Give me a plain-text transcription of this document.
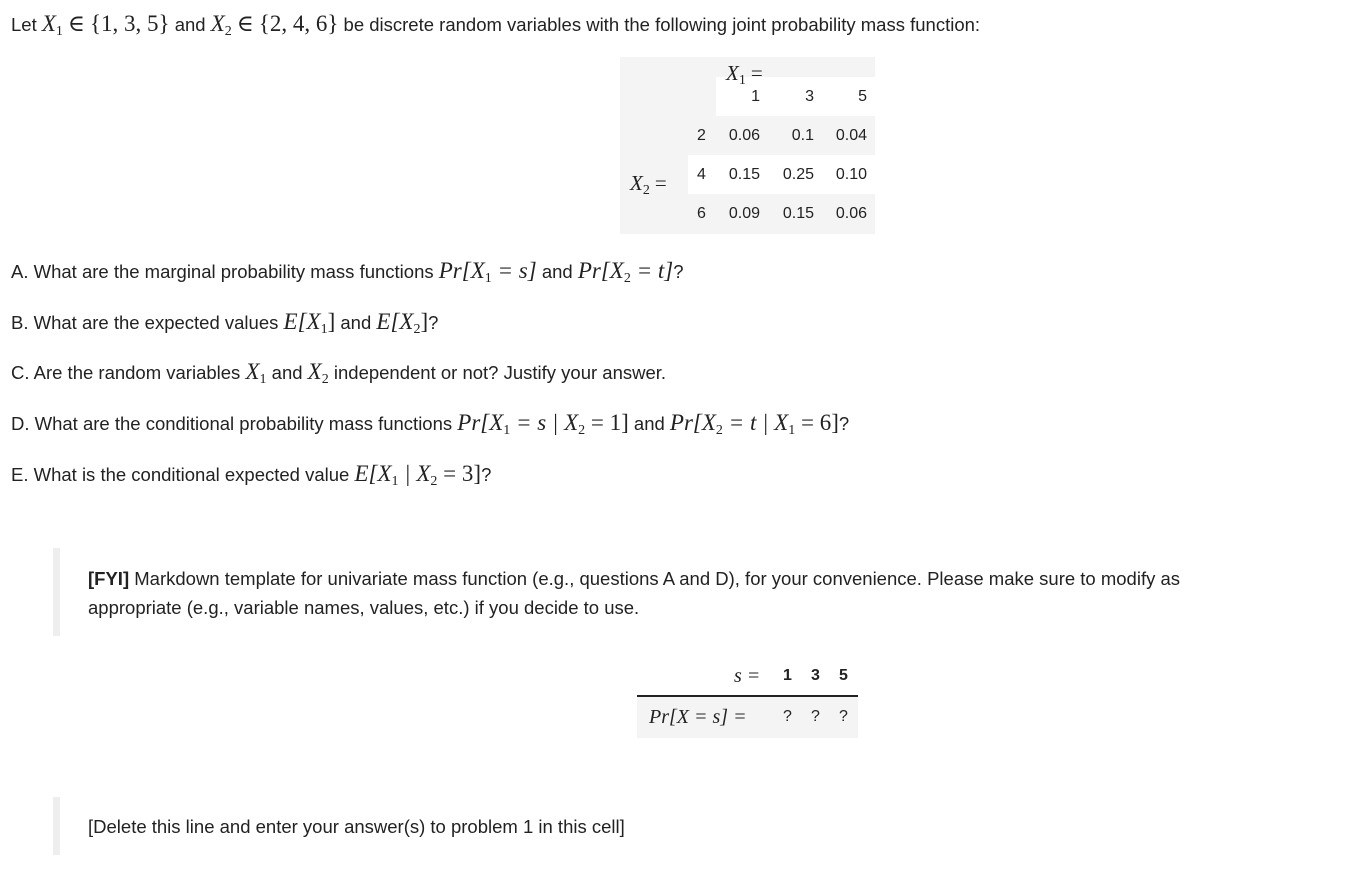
Let $X_1$ ∈ {1, 3, 5} and $X_2$ ∈ {2, 4, 6} be discrete random variables with the following joint probability mass function:
$X_1$ =
1	3	5
$X_2$ =
2	0.06	0.1	0.04
4	0.15	0.25	0.10
6	0.09	0.15	0.06
A. What are the marginal probability mass functions $Pr[X_1 = s]$ and $Pr[X_2 = t]$?
B. What are the expected values $E[X_1]$ and $E[X_2]$?
C. Are the random variables $X_1$ and $X_2$ independent or not? Justify your answer.
D. What are the conditional probability mass functions $Pr[X_1 = s$ | $X_2 = 1$] and $Pr[X_2 = t$ | $X_1 = 6$]?
E. What is the conditional expected value $E[X_1$ | $X_2 = 3$]?
[FYI] Markdown template for univariate mass function (e.g., questions A and D), for your convenience. Please make sure to modify as
appropriate (e.g., variable names, values, etc.) if you decide to use.
s = 1 3 5
Pr[X = s] = ? ? ?
[Delete this line and enter your answer(s) to problem 1 in this cell]
